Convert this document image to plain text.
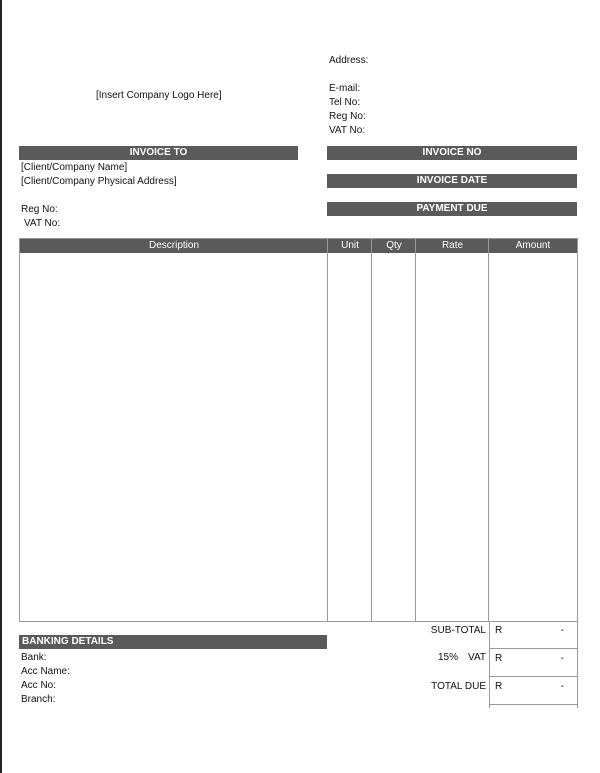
[Insert Company Logo Here]
Address:
E-mail:
Tel No:
Reg No:
VAT No:
INVOICE TO
[Client/Company Name]
[Client/Company Physical Address]
Reg No:
VAT No:
INVOICE NO
INVOICE DATE
PAYMENT DUE
Description	Unit	Qty	Rate	Amount
SUB-TOTAL R	-
15% VAT R	-
TOTAL DUE R	-
BANKING DETAILS
Bank:
Acc Name:
Acc No:
Branch:
